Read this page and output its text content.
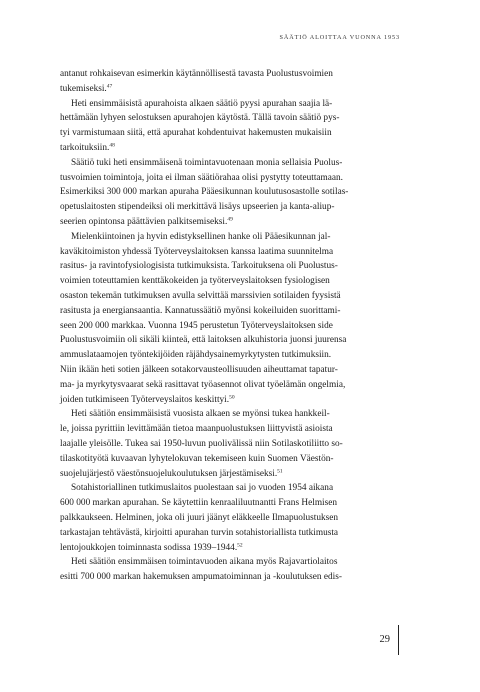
SÄÄTIÖ ALOITTAA VUONNA 1953

antanut rohkaisevan esimerkin käytännöllisestä tavasta Puolustusvoimien
tukemiseksi.$^{47}$

Heti ensimmäisistä apurahoista alkaen säätiö pyysi apurahan saajia lä-
hettämään lyhyen selostuksen apurahojen käytöstä. Tällä tavoin säätiö pys-
tyi varmistumaan siitä, että apurahat kohdentuivat hakemusten mukaisiin
tarkoituksiin.$^{48}$

Säätiö tuki heti ensimmäisenä toimintavuotenaan monia sellaisia Puolus-
tusvoimien toimintoja, joita ei ilman säätiörahaa olisi pystytty toteuttamaan.
Esimerkiksi 300 000 markan apuraha Pääesikunnan koulutusosastolle sotilas-
opetuslaitosten stipendeiksi oli merkittävä lisäys upseerien ja kanta-aliup-
seerien opintonsa päättävien palkitsemiseksi.$^{49}$

Mielenkiintoinen ja hyvin edistyksellinen hanke oli Pääesikunnan jal-
kaväkitoimiston yhdessä Työterveyslaitoksen kanssa laatima suunnitelma
rasitus- ja ravintofysiologisista tutkimuksista. Tarkoituksena oli Puolustus-
voimien toteuttamien kenttäkokeiden ja työterveyslaitoksen fysiologisen
osaston tekemän tutkimuksen avulla selvittää marssivien sotilaiden fyysistä
rasitusta ja energiansaantia. Kannatussäätiö myönsi kokeiluiden suorittami-
seen 200 000 markkaa. Vuonna 1945 perustetun Työterveyslaitoksen side
Puolustusvoimiin oli sikäli kiinteä, että laitoksen alkuhistoria juonsi juurensa
ammuslataamojen työntekijöiden räjähdysainemyrkytysten tutkimuksiin.
Niin ikään heti sotien jälkeen sotakorvausteollisuuden aiheuttamat tapatur-
ma- ja myrkytysvaarat sekä rasittavat työasennot olivat työelämän ongelmia,
joiden tutkimiseen Työterveyslaitos keskittyi.$^{50}$

Heti säätiön ensimmäisistä vuosista alkaen se myönsi tukea hankkeil-
le, joissa pyrittiin levittämään tietoa maanpuolustuksen liittyvistä asioista
laajalle yleisölle. Tukea sai 1950-luvun puolivälissä niin Sotilaskotiliitto so-
tilaskotityötä kuvaavan lyhytelokuvan tekemiseen kuin Suomen Väestön-
suojelujärjestö väestönsuojelukoulutuksen järjestämiseksi.$^{51}$

Sotahistoriallinen tutkimuslaitos puolestaan sai jo vuoden 1954 aikana
600 000 markan apurahan. Se käytettiin kenraaliluutnantti Frans Helmisen
palkkaukseen. Helminen, joka oli juuri jäänyt eläkkeelle Ilmapuolustuksen
tarkastajan tehtävästä, kirjoitti apurahan turvin sotahistoriallista tutkimusta
lentojoukkojen toiminnasta sodissa 1939–1944.52

Heti säätiön ensimmäisen toimintavuoden aikana myös Rajavartiolaitos
esitti 700 000 markan hakemuksen ampumatoiminnan ja -koulutuksen edis-

29
